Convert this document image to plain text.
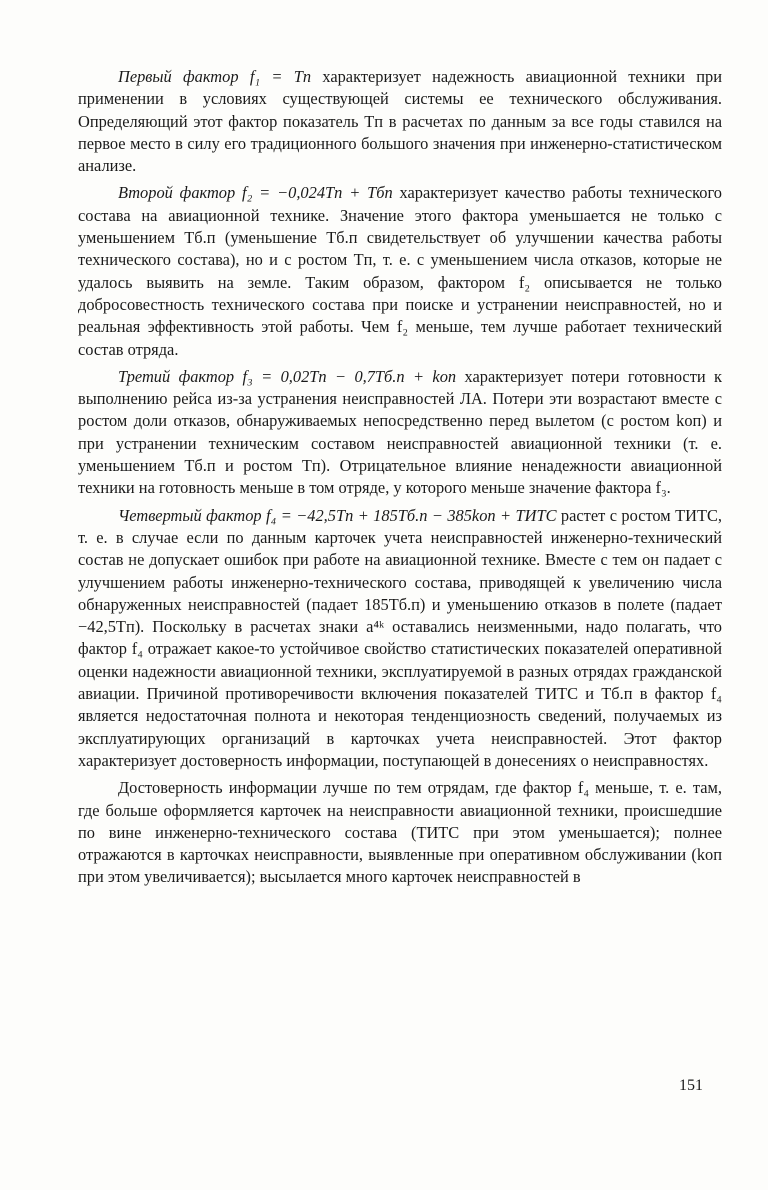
Первый фактор f₁ = Tп характеризует надежность авиационной техники при применении в условиях существующей системы ее технического обслуживания. Определяющий этот фактор показатель Tп в расчетах по данным за все годы ставился на первое место в силу его традиционного большого значения при инженерно-статистическом анализе.

Второй фактор f₂ = −0,024Tп + Tбп характеризует качество работы технического состава на авиационной технике. Значение этого фактора уменьшается не только с уменьшением Tб.п (уменьшение Tб.п свидетельствует об улучшении качества работы технического состава), но и с ростом Tп, т. е. с уменьшением числа отказов, которые не удалось выявить на земле. Таким образом, фактором f₂ описывается не только добросовестность технического состава при поиске и устранении неисправностей, но и реальная эффективность этой работы. Чем f₂ меньше, тем лучше работает технический состав отряда.

Третий фактор f₃ = 0,02Tп − 0,7Tб.п + kоп характеризует потери готовности к выполнению рейса из-за устранения неисправностей ЛА. Потери эти возрастают вместе с ростом доли отказов, обнаруживаемых непосредственно перед вылетом (с ростом kоп) и при устранении техническим составом неисправностей авиационной техники (т. е. уменьшением Tб.п и ростом Tп). Отрицательное влияние ненадежности авиационной техники на готовность меньше в том отряде, у которого меньше значение фактора f₃.

Четвертый фактор f₄ = −42,5Tп + 185Tб.п − 385kоп + TИТС растет с ростом TИТС, т. е. в случае если по данным карточек учета неисправностей инженерно-технический состав не допускает ошибок при работе на авиационной технике. Вместе с тем он падает с улучшением работы инженерно-технического состава, приводящей к увеличению числа обнаруженных неисправностей (падает 185Tб.п) и уменьшению отказов в полете (падает −42,5Tп). Поскольку в расчетах знаки a⁴ᵏ оставались неизменными, надо полагать, что фактор f₄ отражает какое-то устойчивое свойство статистических показателей оперативной оценки надежности авиационной техники, эксплуатируемой в разных отрядах гражданской авиации. Причиной противоречивости включения показателей TИТС и Tб.п в фактор f₄ является недостаточная полнота и некоторая тенденциозность сведений, получаемых из эксплуатирующих организаций в карточках учета неисправностей. Этот фактор характеризует достоверность информации, поступающей в донесениях о неисправностях.

Достоверность информации лучше по тем отрядам, где фактор f₄ меньше, т. е. там, где больше оформляется карточек на неисправности авиационной техники, происшедшие по вине инженерно-технического состава (TИТС при этом уменьшается); полнее отражаются в карточках неисправности, выявленные при оперативном обслуживании (kоп при этом увеличивается); высылается много карточек неисправностей в

151
